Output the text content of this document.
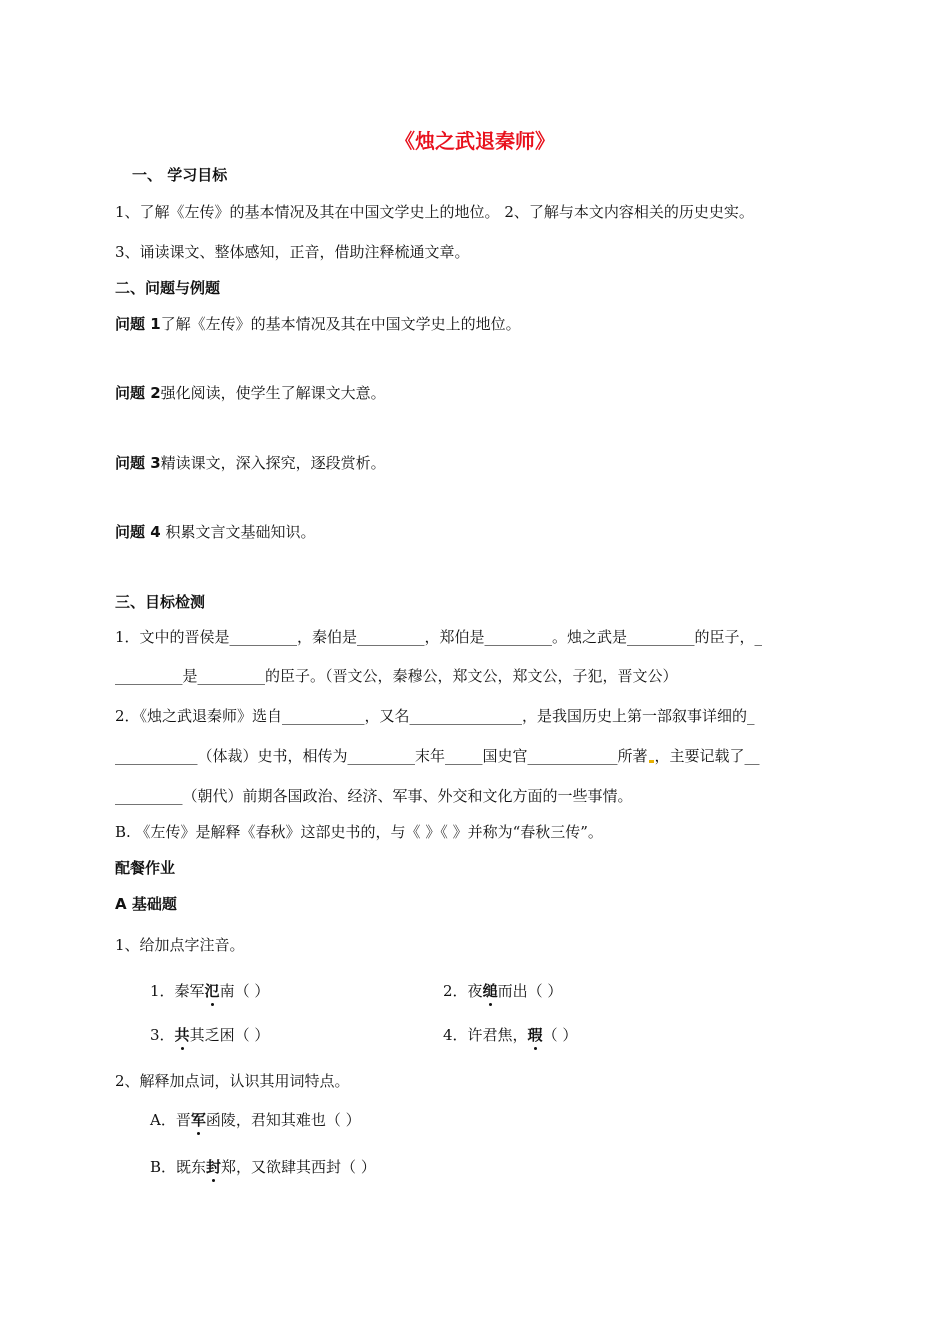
《烛之武退秦师》
一、 学习目标
1、了解《左传》的基本情况及其在中国文学史上的地位。 2、了解与本文内容相关的历史史实。
3、诵读课文、整体感知，正音，借助注释梳通文章。
二、问题与例题
问题 1了解《左传》的基本情况及其在中国文学史上的地位。
问题 2强化阅读，使学生了解课文大意。
问题 3精读课文，深入探究，逐段赏析。
问题 4 积累文言文基础知识。
三、目标检测
1．文中的晋侯是_________，秦伯是_________，郑伯是_________。烛之武是_________的臣子，_
_________是_________的臣子。（晋文公，秦穆公，郑文公，郑文公，子犯，晋文公）
2．《烛之武退秦师》选自___________，又名_______________，是我国历史上第一部叙事详细的_
___________（体裁）史书，相传为_________末年_____国史官____________所著 ，主要记载了__
_________（朝代）前期各国政治、经济、军事、外交和文化方面的一些事情。
B. 《左传》是解释《春秋》这部史书的，与《 》《 》并称为“春秋三传”。
配餐作业
A 基础题
1、给加点字注音。
1．秦军氾南（ ）	2．夜缒而出（ ）
3．共其乏困（ ）	4．许君焦，瑕（ ）
2、解释加点词，认识其用词特点。
A．晋军函陵，君知其难也（ ）
B．既东封郑，又欲肆其西封（ ）
